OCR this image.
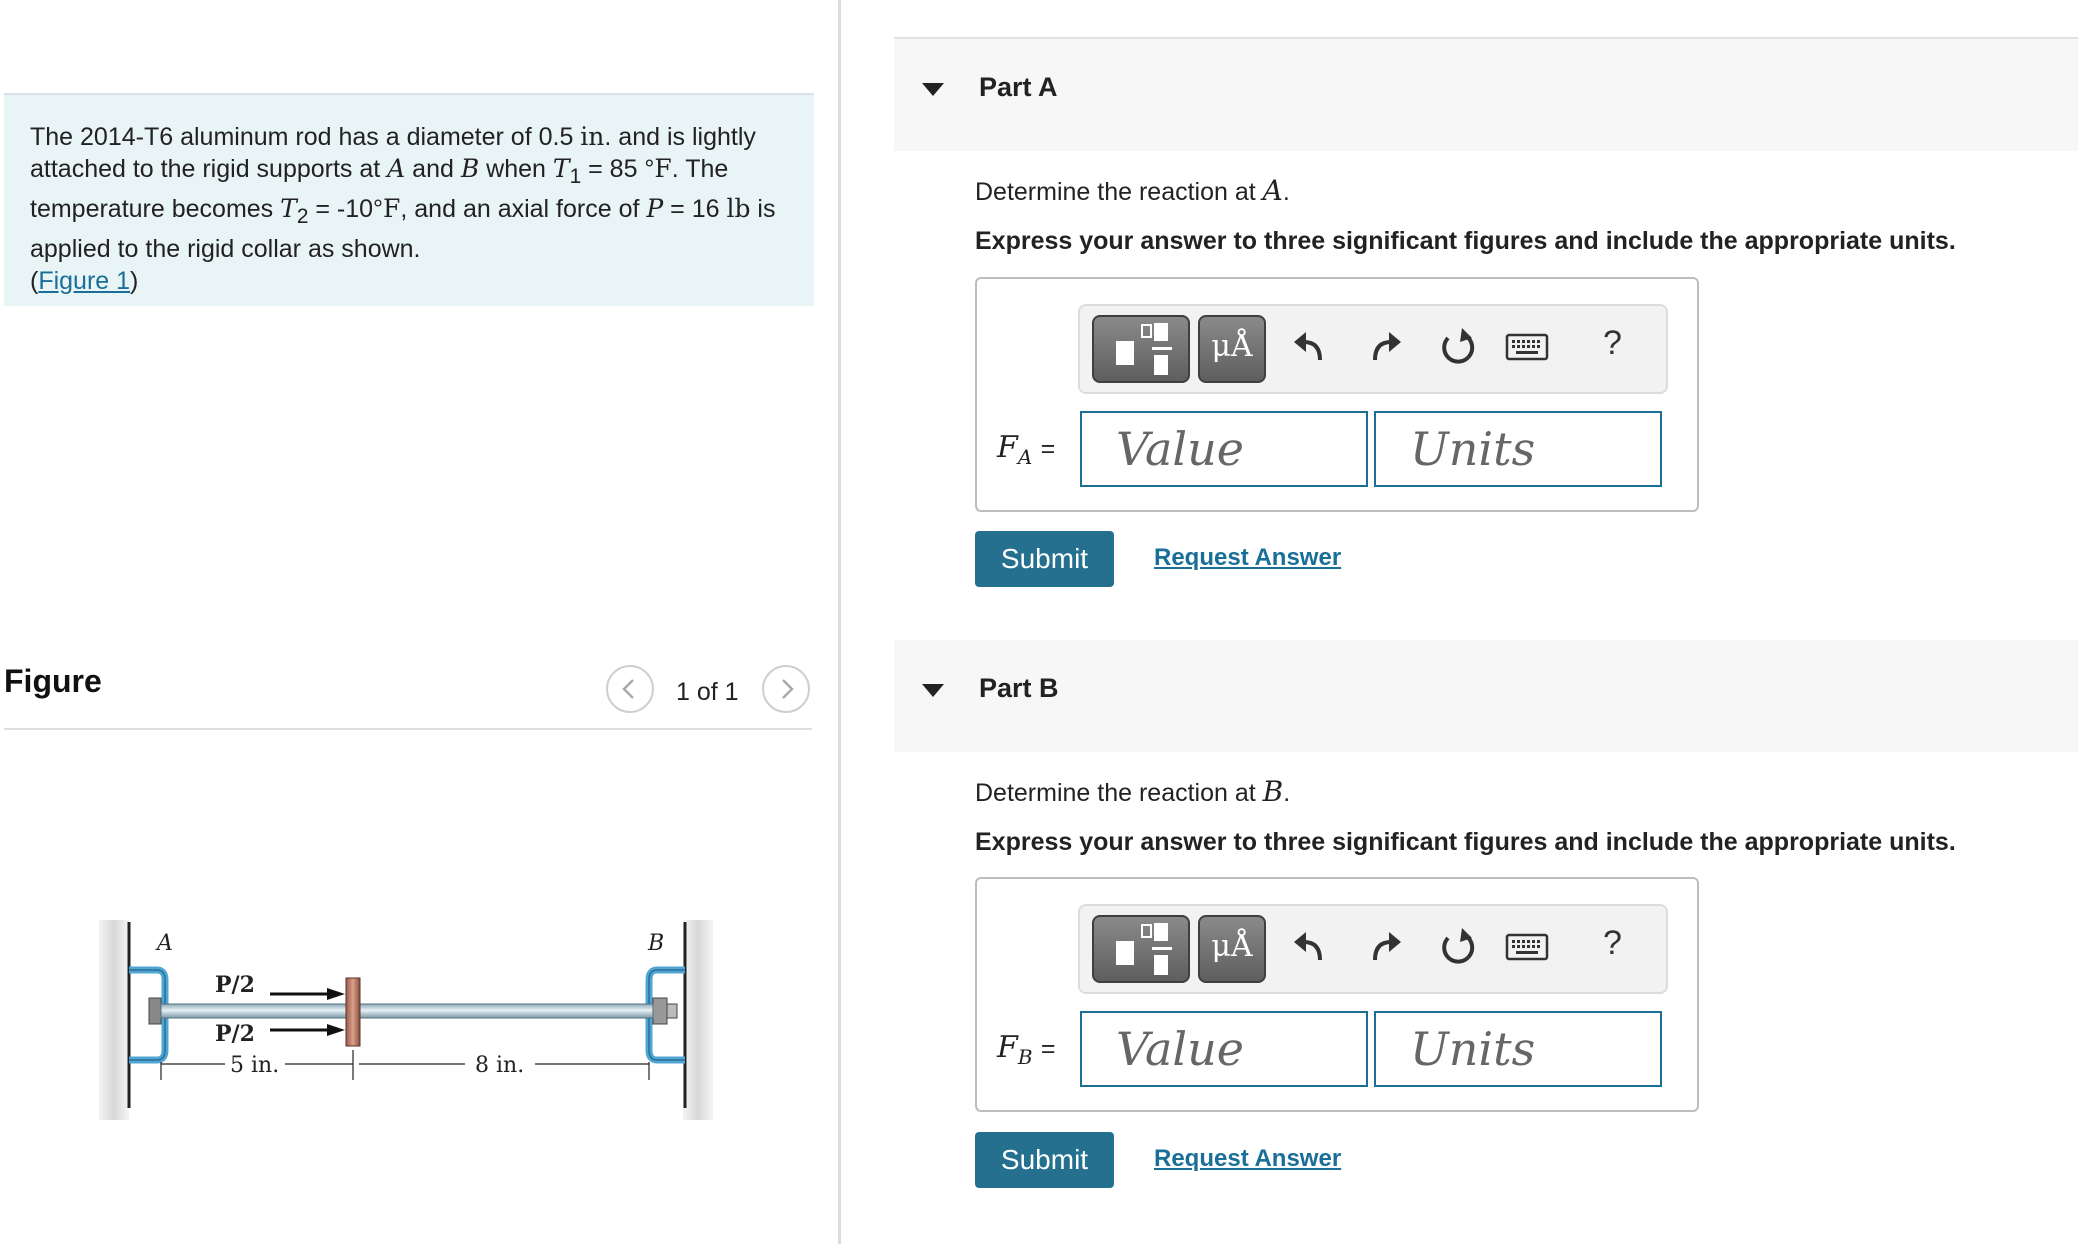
The 2014-T6 aluminum rod has a diameter of 0.5 in. and is lightly attached to the rigid supports at A and B when $T_1 = 85$ °F. The temperature becomes $T_2 = -10^\circ F$, and an axial force of P = 16 lb is applied to the rigid collar as shown.
(Figure 1)
Figure	1 of 1
A	B
P/2
P/2
5 in.	8 in.
Part A
Determine the reaction at A.
Express your answer to three significant figures and include the appropriate units.
μÅ	?
$F_A$ =	Value	Units
Submit	Request Answer
Part B
Determine the reaction at B.
Express your answer to three significant figures and include the appropriate units.
μÅ	?
$F_B$ =	Value	Units
Submit	Request Answer
